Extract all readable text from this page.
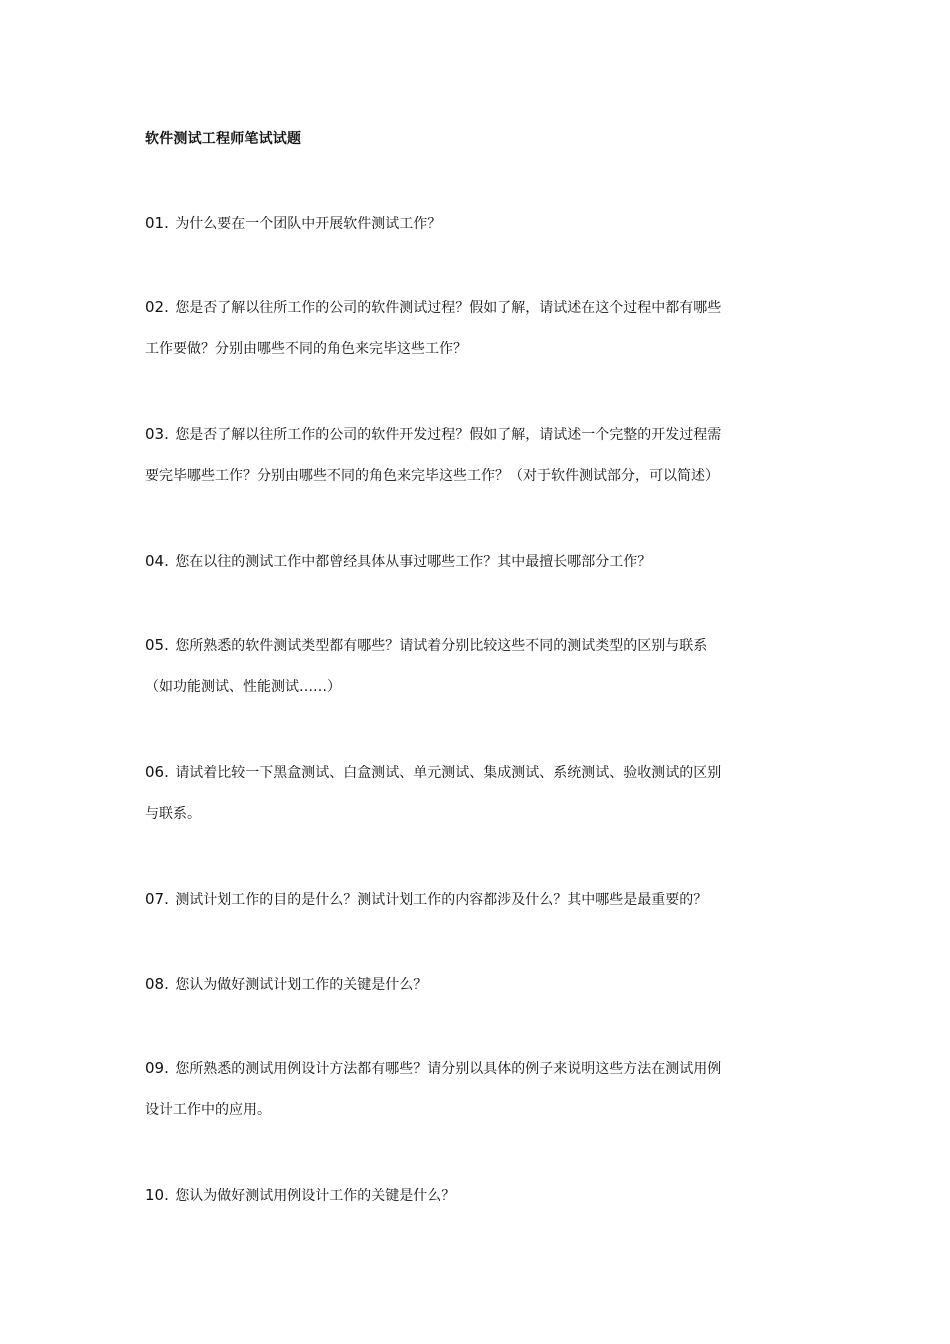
软件测试工程师笔试试题
01. 为什么要在一个团队中开展软件测试工作？
02. 您是否了解以往所工作的公司的软件测试过程？假如了解，请试述在这个过程中都有哪些
工作要做？分别由哪些不同的角色来完毕这些工作？
03. 您是否了解以往所工作的公司的软件开发过程？假如了解，请试述一个完整的开发过程需
要完毕哪些工作？分别由哪些不同的角色来完毕这些工作？（对于软件测试部分，可以简述）
04. 您在以往的测试工作中都曾经具体从事过哪些工作？其中最擅长哪部分工作？
05. 您所熟悉的软件测试类型都有哪些？请试着分别比较这些不同的测试类型的区别与联系
（如功能测试、性能测试……）
06. 请试着比较一下黑盒测试、白盒测试、单元测试、集成测试、系统测试、验收测试的区别
与联系。
07. 测试计划工作的目的是什么？测试计划工作的内容都涉及什么？其中哪些是最重要的？
08. 您认为做好测试计划工作的关键是什么？
09. 您所熟悉的测试用例设计方法都有哪些？请分别以具体的例子来说明这些方法在测试用例
设计工作中的应用。
10. 您认为做好测试用例设计工作的关键是什么？
